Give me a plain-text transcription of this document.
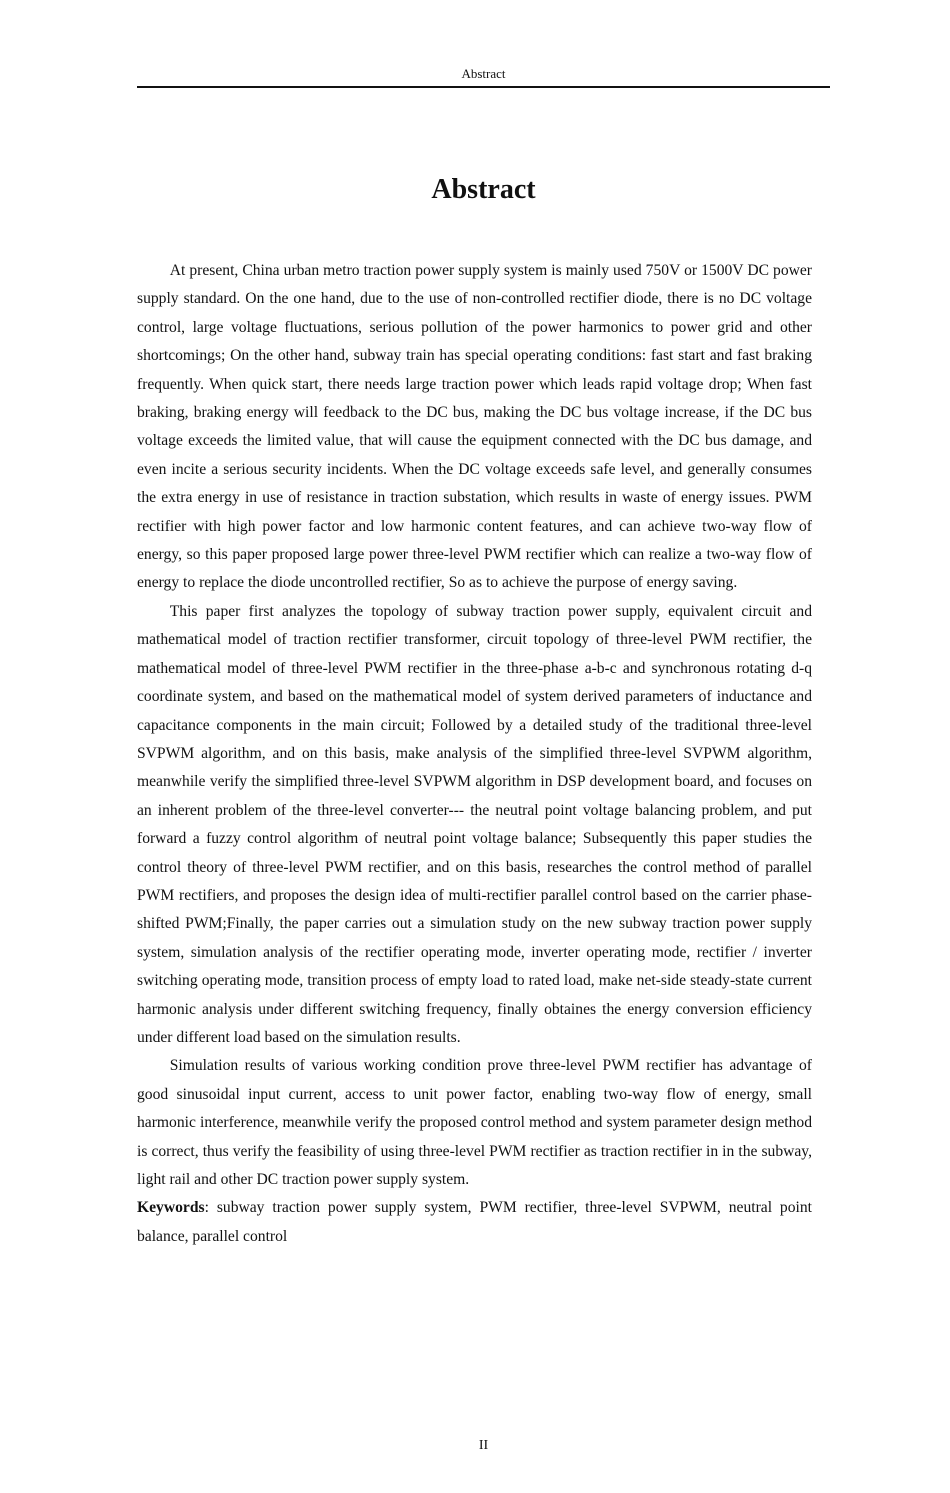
Abstract
Abstract

At present, China urban metro traction power supply system is mainly used 750V or 1500V DC power supply standard. On the one hand, due to the use of non-controlled rectifier diode, there is no DC voltage control, large voltage fluctuations, serious pollution of the power harmonics to power grid and other shortcomings; On the other hand, subway train has special operating conditions: fast start and fast braking frequently. When quick start, there needs large traction power which leads rapid voltage drop; When fast braking, braking energy will feedback to the DC bus, making the DC bus voltage increase, if the DC bus voltage exceeds the limited value, that will cause the equipment connected with the DC bus damage, and even incite a serious security incidents. When the DC voltage exceeds safe level, and generally consumes the extra energy in use of resistance in traction substation, which results in waste of energy issues. PWM rectifier with high power factor and low harmonic content features, and can achieve two-way flow of energy, so this paper proposed large power three-level PWM rectifier which can realize a two-way flow of energy to replace the diode uncontrolled rectifier, So as to achieve the purpose of energy saving.

This paper first analyzes the topology of subway traction power supply, equivalent circuit and mathematical model of traction rectifier transformer, circuit topology of three-level PWM rectifier, the mathematical model of three-level PWM rectifier in the three-phase a-b-c and synchronous rotating d-q coordinate system, and based on the mathematical model of system derived parameters of inductance and capacitance components in the main circuit; Followed by a detailed study of the traditional three-level SVPWM algorithm, and on this basis, make analysis of the simplified three-level SVPWM algorithm, meanwhile verify the simplified three-level SVPWM algorithm in DSP development board, and focuses on an inherent problem of the three-level converter--- the neutral point voltage balancing problem, and put forward a fuzzy control algorithm of neutral point voltage balance; Subsequently this paper studies the control theory of three-level PWM rectifier, and on this basis, researches the control method of parallel PWM rectifiers, and proposes the design idea of multi-rectifier parallel control based on the carrier phase-shifted PWM;Finally, the paper carries out a simulation study on the new subway traction power supply system, simulation analysis of the rectifier operating mode, inverter operating mode, rectifier / inverter switching operating mode, transition process of empty load to rated load, make net-side steady-state current harmonic analysis under different switching frequency, finally obtaines the energy conversion efficiency under different load based on the simulation results.

Simulation results of various working condition prove three-level PWM rectifier has advantage of good sinusoidal input current, access to unit power factor, enabling two-way flow of energy, small harmonic interference, meanwhile verify the proposed control method and system parameter design method is correct, thus verify the feasibility of using three-level PWM rectifier as traction rectifier in in the subway, light rail and other DC traction power supply system.

Keywords: subway traction power supply system, PWM rectifier, three-level SVPWM, neutral point balance, parallel control

II
